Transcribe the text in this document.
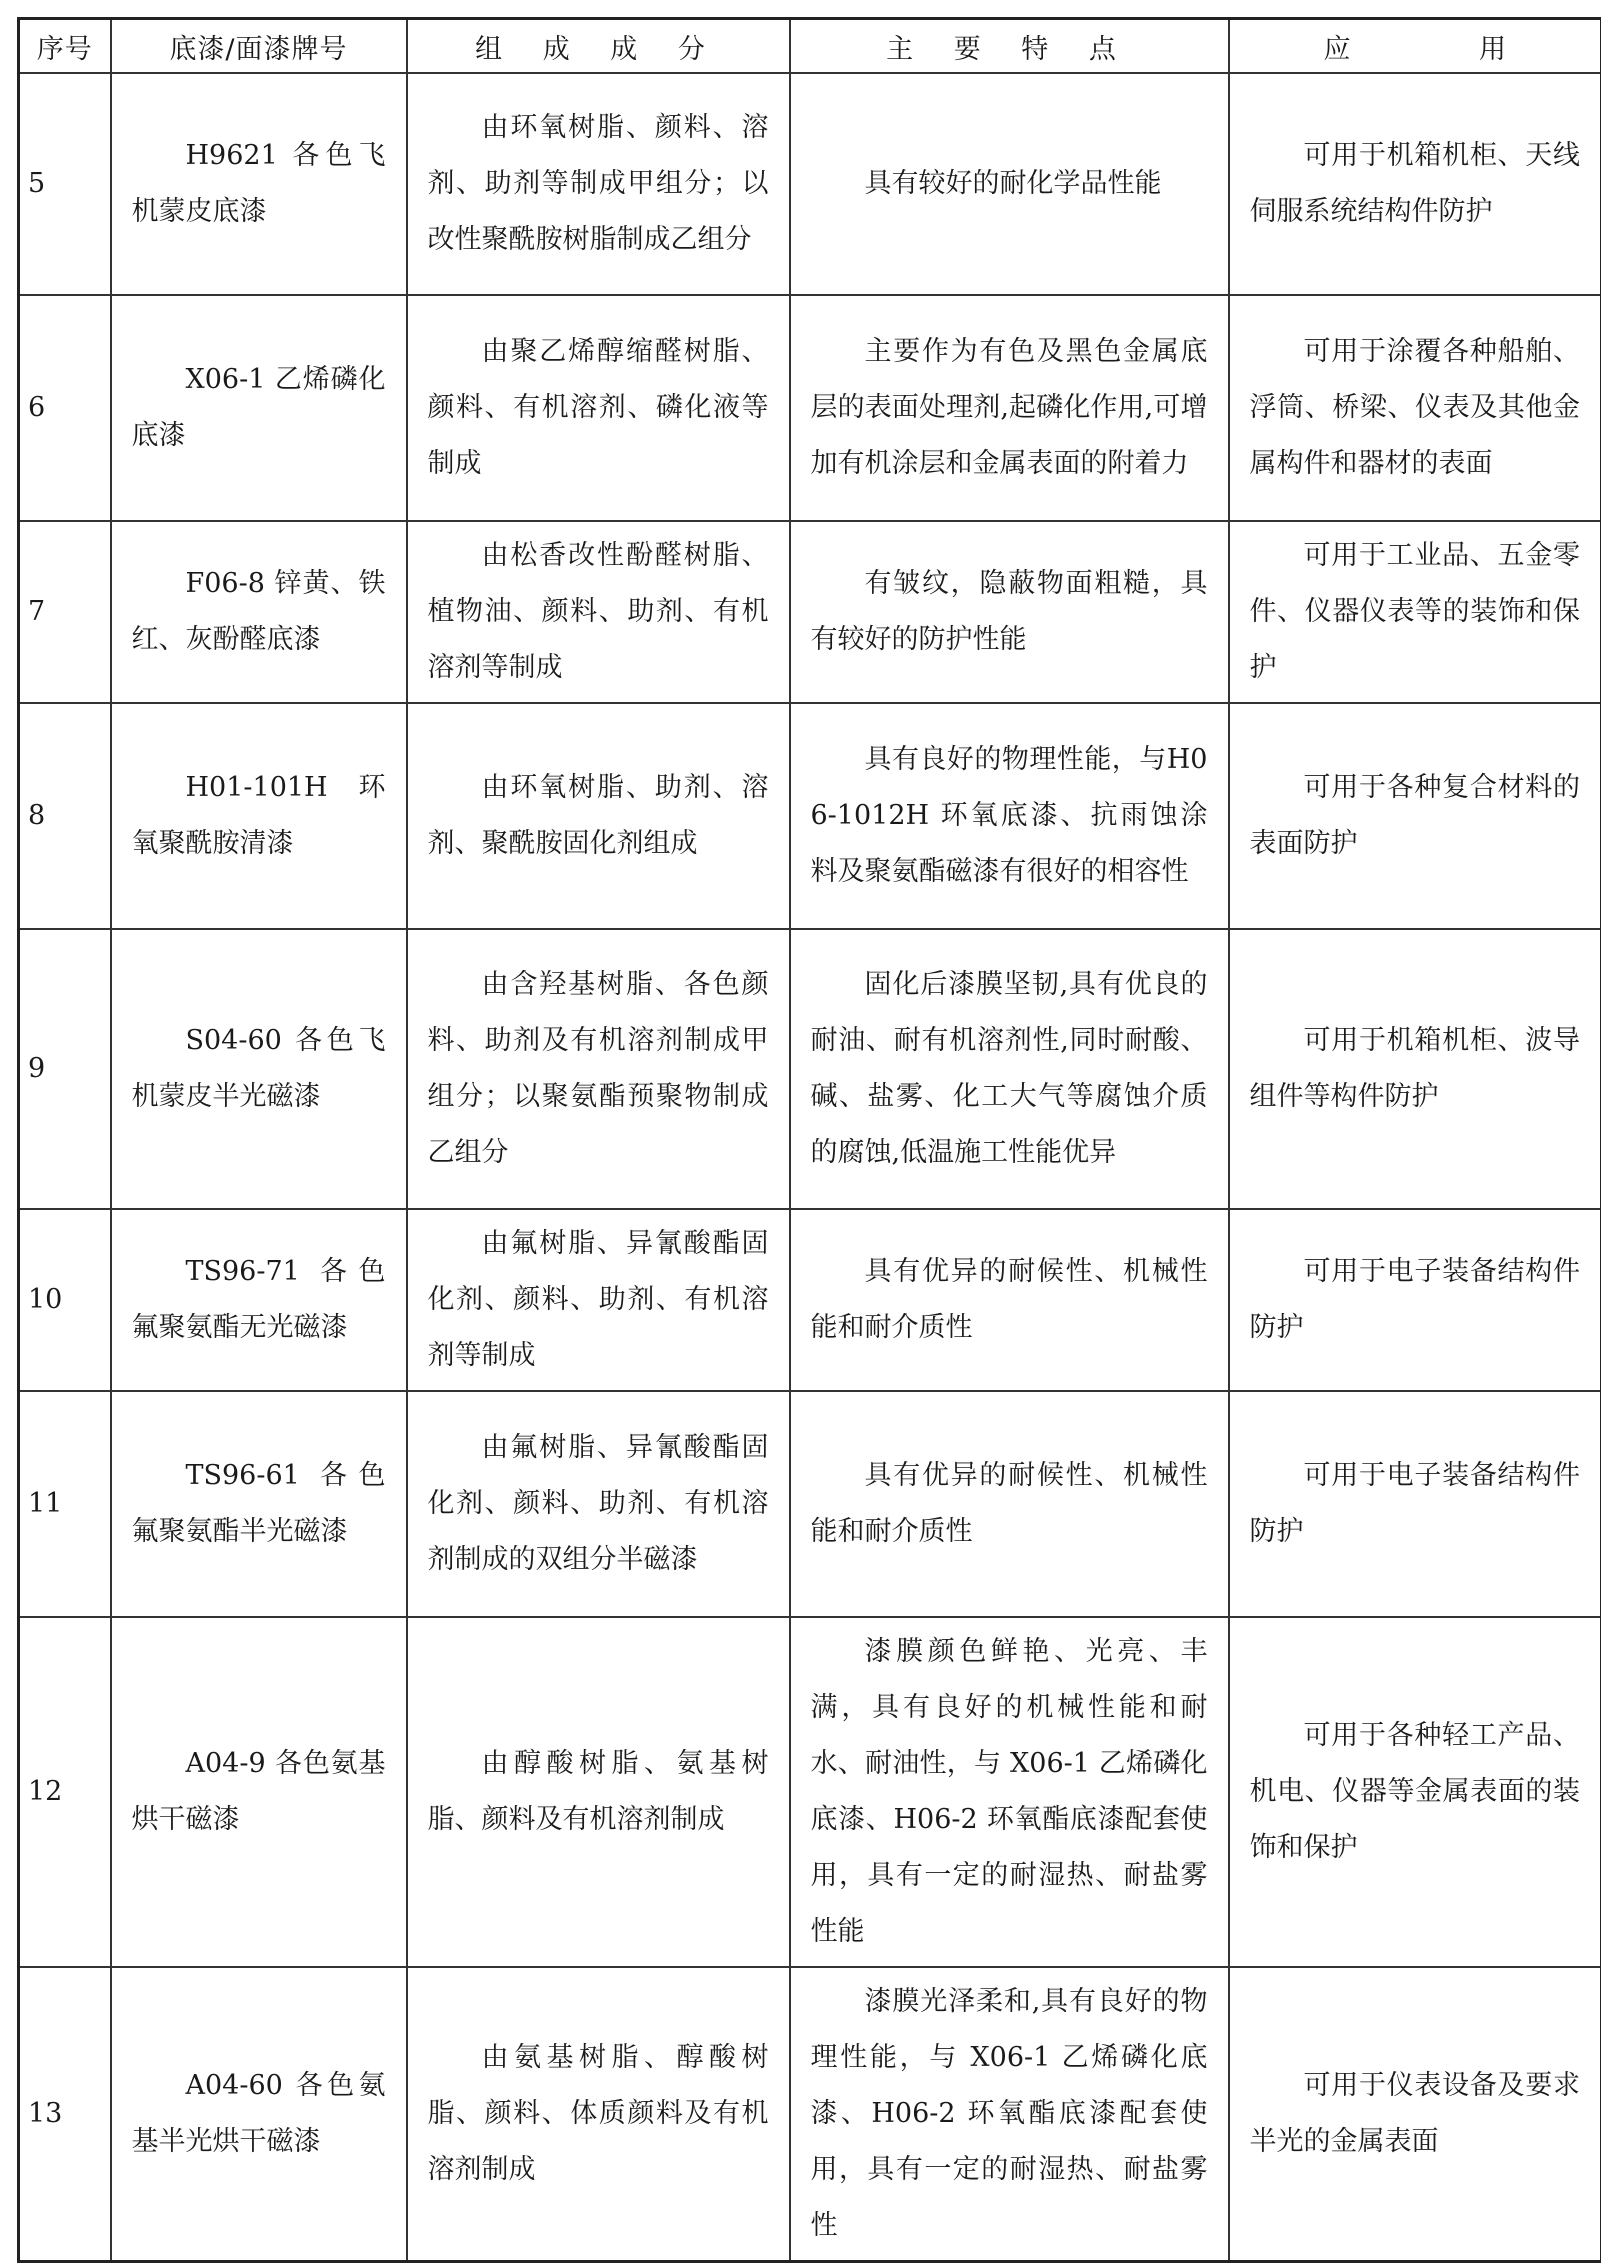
序号	底漆/面漆牌号	组 成 成 分	主 要 特 点	应 用
5	H9621 各色飞机蒙皮底漆	由环氧树脂、颜料、溶剂、助剂等制成甲组分；以改性聚酰胺树脂制成乙组分	具有较好的耐化学品性能	可用于机箱机柜、天线伺服系统结构件防护

6	X06-1 乙烯磷化底漆	由聚乙烯醇缩醛树脂、颜料、有机溶剂、磷化液等制成	主要作为有色及黑色金属底层的表面处理剂,起磷化作用,可增加有机涂层和金属表面的附着力	可用于涂覆各种船舶、浮筒、桥梁、仪表及其他金属构件和器材的表面

7	F06-8 锌黄、铁红、灰酚醛底漆	由松香改性酚醛树脂、植物油、颜料、助剂、有机溶剂等制成	有皱纹，隐蔽物面粗糙，具有较好的防护性能	可用于工业品、五金零件、仪器仪表等的装饰和保护

8	H01-101H 环氧聚酰胺清漆	由环氧树脂、助剂、溶剂、聚酰胺固化剂组成	具有良好的物理性能，与H06-1012H 环氧底漆、抗雨蚀涂料及聚氨酯磁漆有很好的相容性	可用于各种复合材料的表面防护

9	S04-60 各色飞机蒙皮半光磁漆	由含羟基树脂、各色颜料、助剂及有机溶剂制成甲组分；以聚氨酯预聚物制成乙组分	固化后漆膜坚韧,具有优良的耐油、耐有机溶剂性,同时耐酸、碱、盐雾、化工大气等腐蚀介质的腐蚀,低温施工性能优异	可用于机箱机柜、波导组件等构件防护

10	TS96-71 各色氟聚氨酯无光磁漆	由氟树脂、异氰酸酯固化剂、颜料、助剂、有机溶剂等制成	具有优异的耐候性、机械性能和耐介质性	可用于电子装备结构件防护

11	TS96-61 各色氟聚氨酯半光磁漆	由氟树脂、异氰酸酯固化剂、颜料、助剂、有机溶剂制成的双组分半磁漆	具有优异的耐候性、机械性能和耐介质性	可用于电子装备结构件防护

12	A04-9 各色氨基烘干磁漆	由醇酸树脂、氨基树脂、颜料及有机溶剂制成	漆膜颜色鲜艳、光亮、丰满，具有良好的机械性能和耐水、耐油性，与 X06-1 乙烯磷化底漆、H06-2 环氧酯底漆配套使用，具有一定的耐湿热、耐盐雾性能	可用于各种轻工产品、机电、仪器等金属表面的装饰和保护

13	A04-60 各色氨基半光烘干磁漆	由氨基树脂、醇酸树脂、颜料、体质颜料及有机溶剂制成	漆膜光泽柔和,具有良好的物理性能，与 X06-1 乙烯磷化底漆、H06-2 环氧酯底漆配套使用，具有一定的耐湿热、耐盐雾性	可用于仪表设备及要求半光的金属表面
